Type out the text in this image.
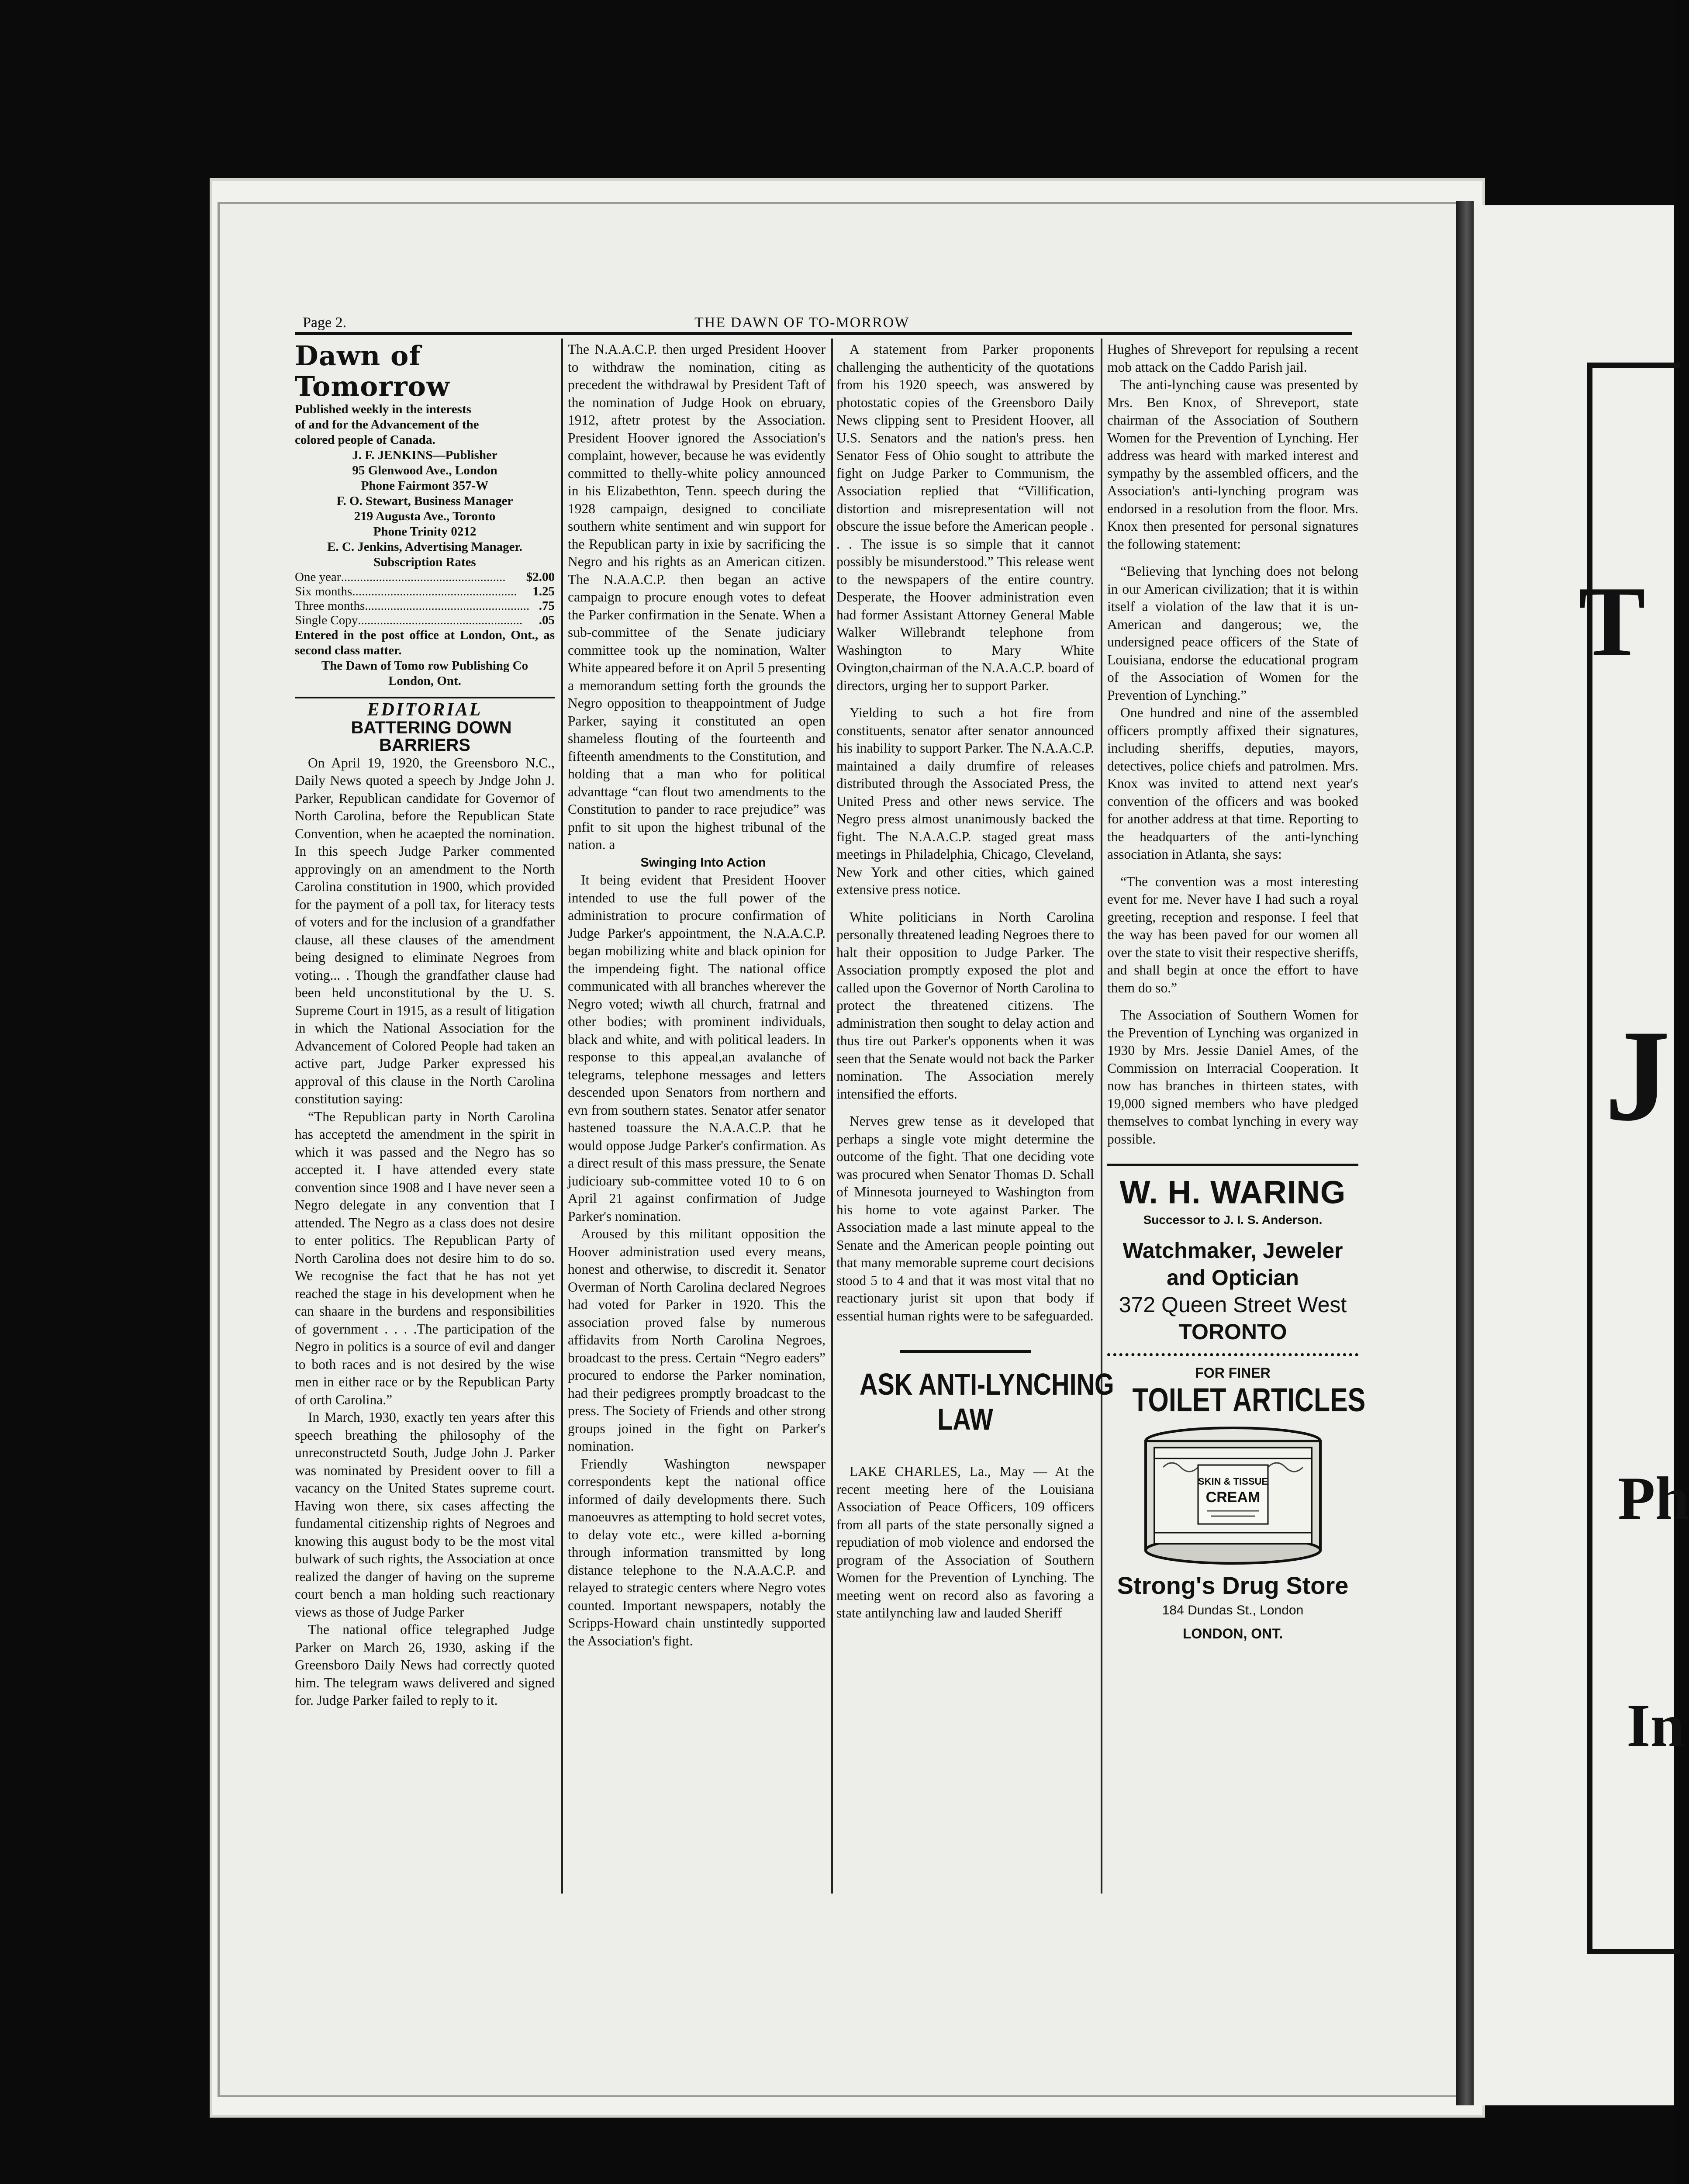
T
J
Ph
In
Page 2.	THE DAWN OF TO-MORROW
Dawn of Tomorrow

Published weekly in the interests

of and for the Advancement of the

colored people of Canada.

J. F. JENKINS—Publisher

95 Glenwood Ave., London

Phone Fairmont 357-W

F. O. Stewart, Business Manager

219 Augusta Ave., Toronto

Phone Trinity 0212

E. C. Jenkins, Advertising Manager.

Subscription Rates

One year ....................................................	$2.00
Six months ....................................................	1.25
Three months .................................................... .75
Single Copy ....................................................	.05

Entered in the post office at London, Ont., as second class matter.

The Dawn of Tomo row Publishing Co

London, Ont.

EDITORIAL

BATTERING DOWN BARRIERS

On April 19, 1920, the Greensboro N.C., Daily News quoted a speech by Jndge John J. Parker, Republican candidate for Governor of North Carolina, before the Republican State Convention, when he acaepted the nomination. In this speech Judge Parker commented approvingly on an amendment to the North Carolina constitution in 1900, which provided for the payment of a poll tax, for literacy tests of voters and for the inclusion of a grandfather clause, all these clauses of the amendment being designed to eliminate Negroes from voting... . Though the grandfather clause had been held unconstitutional by the U. S. Supreme Court in 1915, as a result of litigation in which the National Association for the Advancement of Colored People had taken an active part, Judge Parker expressed his approval of this clause in the North Carolina constitution saying:

“The Republican party in North Carolina has acceptetd the amendment in the spirit in which it was passed and the Negro has so accepted it. I have attended every state convention since 1908 and I have never seen a Negro delegate in any convention that I attended. The Negro as a class does not desire to enter politics. The Republican Party of North Carolina does not desire him to do so. We recognise the fact that he has not yet reached the stage in his development when he can shaare in the burdens and responsibilities of government . . . .The participation of the Negro in politics is a source of evil and danger to both races and is not desired by the wise men in either race or by the Republican Party of orth Carolina.”

In March, 1930, exactly ten years after this speech breathing the philosophy of the unreconstructetd South, Judge John J. Parker was nominated by President oover to fill a vacancy on the United States supreme court. Having won there, six cases affecting the fundamental citizenship rights of Negroes and knowing this august body to be the most vital bulwark of such rights, the Association at once realized the danger of having on the supreme court bench a man holding such reactionary views as those of Judge Parker

The national office telegraphed Judge Parker on March 26, 1930, asking if the Greensboro Daily News had correctly quoted him. The telegram waws delivered and signed for. Judge Parker failed to reply to it.

The N.A.A.C.P. then urged President Hoover to withdraw the nomination, citing as precedent the withdrawal by President Taft of the nomination of Judge Hook on ebruary, 1912, aftetr protest by the Association. President Hoover ignored the Association's complaint, however, because he was evidently committed to thelly-white policy announced in his Elizabethton, Tenn. speech during the 1928 campaign, designed to conciliate southern white sentiment and win support for the Republican party in ixie by sacrificing the Negro and his rights as an American citizen. The N.A.A.C.P. then began an active campaign to procure enough votes to defeat the Parker confirmation in the Senate. When a sub-committee of the Senate judiciary committee took up the nomination, Walter White appeared before it on April 5 presenting a memorandum setting forth the grounds the Negro opposition to theappointment of Judge Parker, saying it constituted an open shameless flouting of the fourteenth and fifteenth amendments to the Constitution, and holding that a man who for political advanttage “can flout two amendments to the Constitution to pander to race prejudice” was pnfit to sit upon the highest tribunal of the nation. a

Swinging Into Action

It being evident that President Hoover intended to use the full power of the administration to procure confirmation of Judge Parker's appointment, the N.A.A.C.P. began mobilizing white and black opinion for the impendeing fight. The national office communicated with all branches wherever the Negro voted; wiwth all church, fratrnal and other bodies; with prominent individuals, black and white, and with political leaders. In response to this appeal,an avalanche of telegrams, telephone messages and letters descended upon Senators from northern and evn from southern states. Senator atfer senator hastened toassure the N.A.A.C.P. that he would oppose Judge Parker's confirmation. As a direct result of this mass pressure, the Senate judicioary sub-committee voted 10 to 6 on April 21 against confirmation of Judge Parker's nomination.

Aroused by this militant opposition the Hoover administration used every means, honest and otherwise, to discredit it. Senator Overman of North Carolina declared Negroes had voted for Parker in 1920. This the association proved false by numerous affidavits from North Carolina Negroes, broadcast to the press. Certain “Negro eaders” procured to endorse the Parker nomination, had their pedigrees promptly broadcast to the press. The Society of Friends and other strong groups joined in the fight on Parker's nomination.

Friendly Washington newspaper correspondents kept the national office informed of daily developments there. Such manoeuvres as attempting to hold secret votes, to delay vote etc., were killed a-borning through information transmitted by long distance telephone to the N.A.A.C.P. and relayed to strategic centers where Negro votes counted. Important newspapers, notably the Scripps-Howard chain unstintedly supported the Association's fight.

A statement from Parker proponents challenging the authenticity of the quotations from his 1920 speech, was answered by photostatic copies of the Greensboro Daily News clipping sent to President Hoover, all U.S. Senators and the nation's press. hen Senator Fess of Ohio sought to attribute the fight on Judge Parker to Communism, the Association replied that “Villification, distortion and misrepresentation will not obscure the issue before the American people . . . The issue is so simple that it cannot possibly be misunderstood.” This release went to the newspapers of the entire country. Desperate, the Hoover administration even had former Assistant Attorney General Mable Walker Willebrandt telephone from Washington to Mary White Ovington,chairman of the N.A.A.C.P. board of directors, urging her to support Parker.

Yielding to such a hot fire from constituents, senator after senator announced his inability to support Parker. The N.A.A.C.P. maintained a daily drumfire of releases distributed through the Associated Press, the United Press and other news service. The Negro press almost unanimously backed the fight. The N.A.A.C.P. staged great mass meetings in Philadelphia, Chicago, Cleveland, New York and other cities, which gained extensive press notice.

White politicians in North Carolina personally threatened leading Negroes there to halt their opposition to Judge Parker. The Association promptly exposed the plot and called upon the Governor of North Carolina to protect the threatened citizens. The administration then sought to delay action and thus tire out Parker's opponents when it was seen that the Senate would not back the Parker nomination. The Association merely intensified the efforts.

Nerves grew tense as it developed that perhaps a single vote might determine the outcome of the fight. That one deciding vote was procured when Senator Thomas D. Schall of Minnesota journeyed to Washington from his home to vote against Parker. The Association made a last minute appeal to the Senate and the American people pointing out that many memorable supreme court decisions stood 5 to 4 and that it was most vital that no reactionary jurist sit upon that body if essential human rights were to be safeguarded.

ASK ANTI-LYNCHING
LAW

LAKE CHARLES, La., May — At the recent meeting here of the Louisiana Association of Peace Officers, 109 officers from all parts of the state personally signed a repudiation of mob violence and endorsed the program of the Association of Southern Women for the Prevention of Lynching. The meeting went on record also as favoring a state antilynching law and lauded Sheriff

Hughes of Shreveport for repulsing a recent mob attack on the Caddo Parish jail.

The anti-lynching cause was presented by Mrs. Ben Knox, of Shreveport, state chairman of the Association of Southern Women for the Prevention of Lynching. Her address was heard with marked interest and sympathy by the assembled officers, and the Association's anti-lynching program was endorsed in a resolution from the floor. Mrs. Knox then presented for personal signatures the following statement:

“Believing that lynching does not belong in our American civilization; that it is within itself a violation of the law that it is un-American and dangerous; we, the undersigned peace officers of the State of Louisiana, endorse the educational program of the Association of Women for the Prevention of Lynching.”

One hundred and nine of the assembled officers promptly affixed their signatures, including sheriffs, deputies, mayors, detectives, police chiefs and patrolmen. Mrs. Knox was invited to attend next year's convention of the officers and was booked for another address at that time. Reporting to the headquarters of the anti-lynching association in Atlanta, she says:

“The convention was a most interesting event for me. Never have I had such a royal greeting, reception and response. I feel that the way has been paved for our women all over the state to visit their respective sheriffs, and shall begin at once the effort to have them do so.”

The Association of Southern Women for the Prevention of Lynching was organized in 1930 by Mrs. Jessie Daniel Ames, of the Commission on Interracial Cooperation. It now has branches in thirteen states, with 19,000 signed members who have pledged themselves to combat lynching in every way possible.

W. H. WARING
Successor to J. I. S. Anderson.
Watchmaker, Jeweler
and Optician
372 Queen Street West
TORONTO
FOR FINER
TOILET ARTICLES
SKIN & TISSUE
CREAM
Strong's Drug Store
184 Dundas St., London
LONDON, ONT.
